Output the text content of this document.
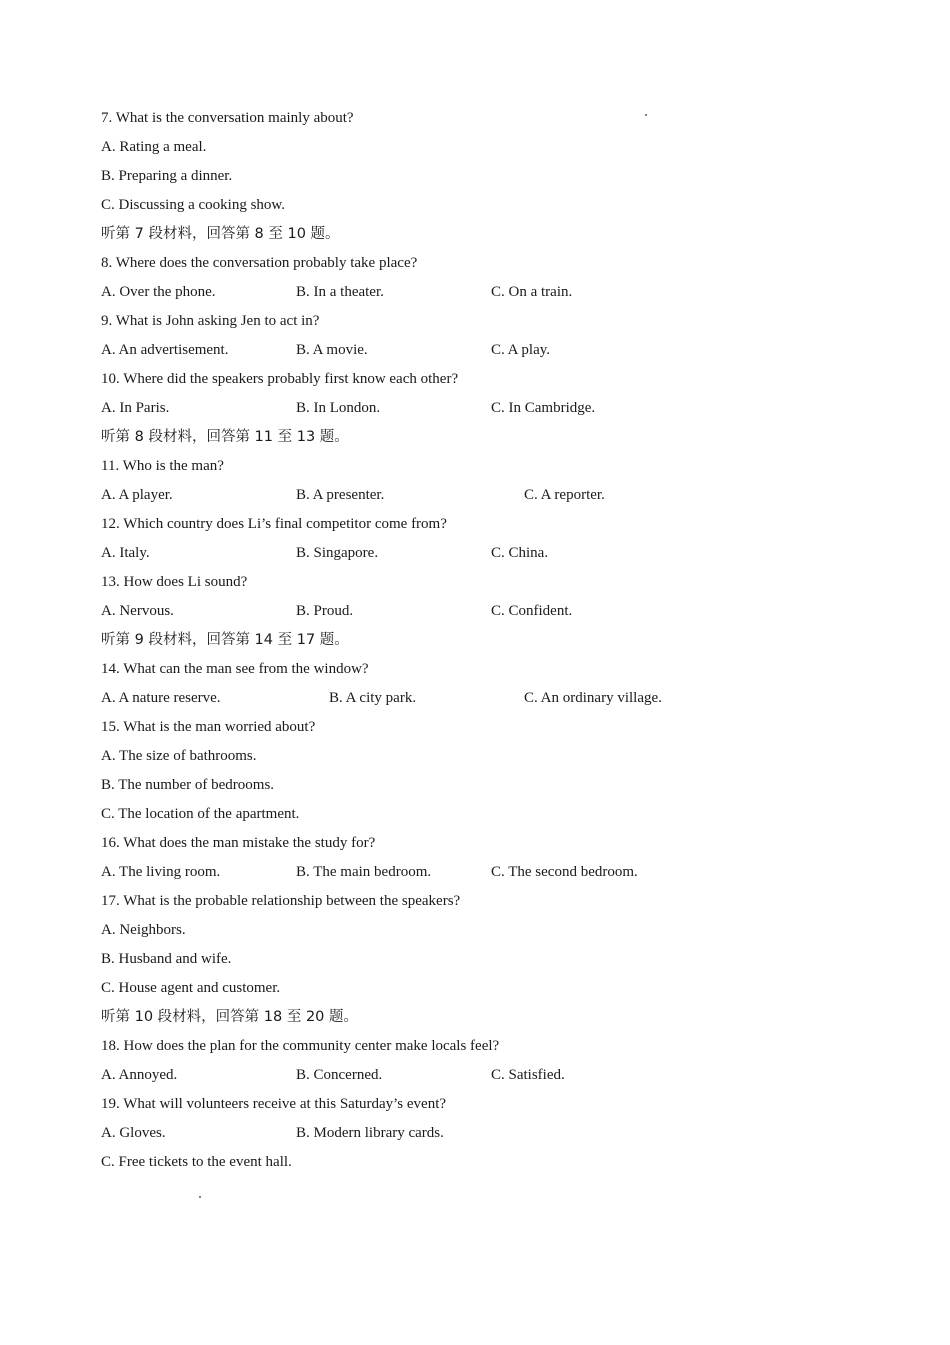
7. What is the conversation mainly about?
A. Rating a meal.
B. Preparing a dinner.
C. Discussing a cooking show.
听第 7 段材料，回答第 8 至 10 题。
8. Where does the conversation probably take place?
A. Over the phone.	B. In a theater.	C. On a train.
9. What is John asking Jen to act in?
A. An advertisement.	B. A movie.	C. A play.
10. Where did the speakers probably first know each other?
A. In Paris.	B. In London.	C. In Cambridge.
听第 8 段材料，回答第 11 至 13 题。
11. Who is the man?
A. A player.	B. A presenter.	C. A reporter.
12. Which country does Li’s final competitor come from?
A. Italy.	B. Singapore.	C. China.
13. How does Li sound?
A. Nervous.	B. Proud.	C. Confident.
听第 9 段材料，回答第 14 至 17 题。
14. What can the man see from the window?
A. A nature reserve.	B. A city park.	C. An ordinary village.
15. What is the man worried about?
A. The size of bathrooms.
B. The number of bedrooms.
C. The location of the apartment.
16. What does the man mistake the study for?
A. The living room.	B. The main bedroom.	C. The second bedroom.
17. What is the probable relationship between the speakers?
A. Neighbors.
B. Husband and wife.
C. House agent and customer.
听第 10 段材料，回答第 18 至 20 题。
18. How does the plan for the community center make locals feel?
A. Annoyed.	B. Concerned.	C. Satisfied.
19. What will volunteers receive at this Saturday’s event?
A. Gloves.	B. Modern library cards.
C. Free tickets to the event hall.
